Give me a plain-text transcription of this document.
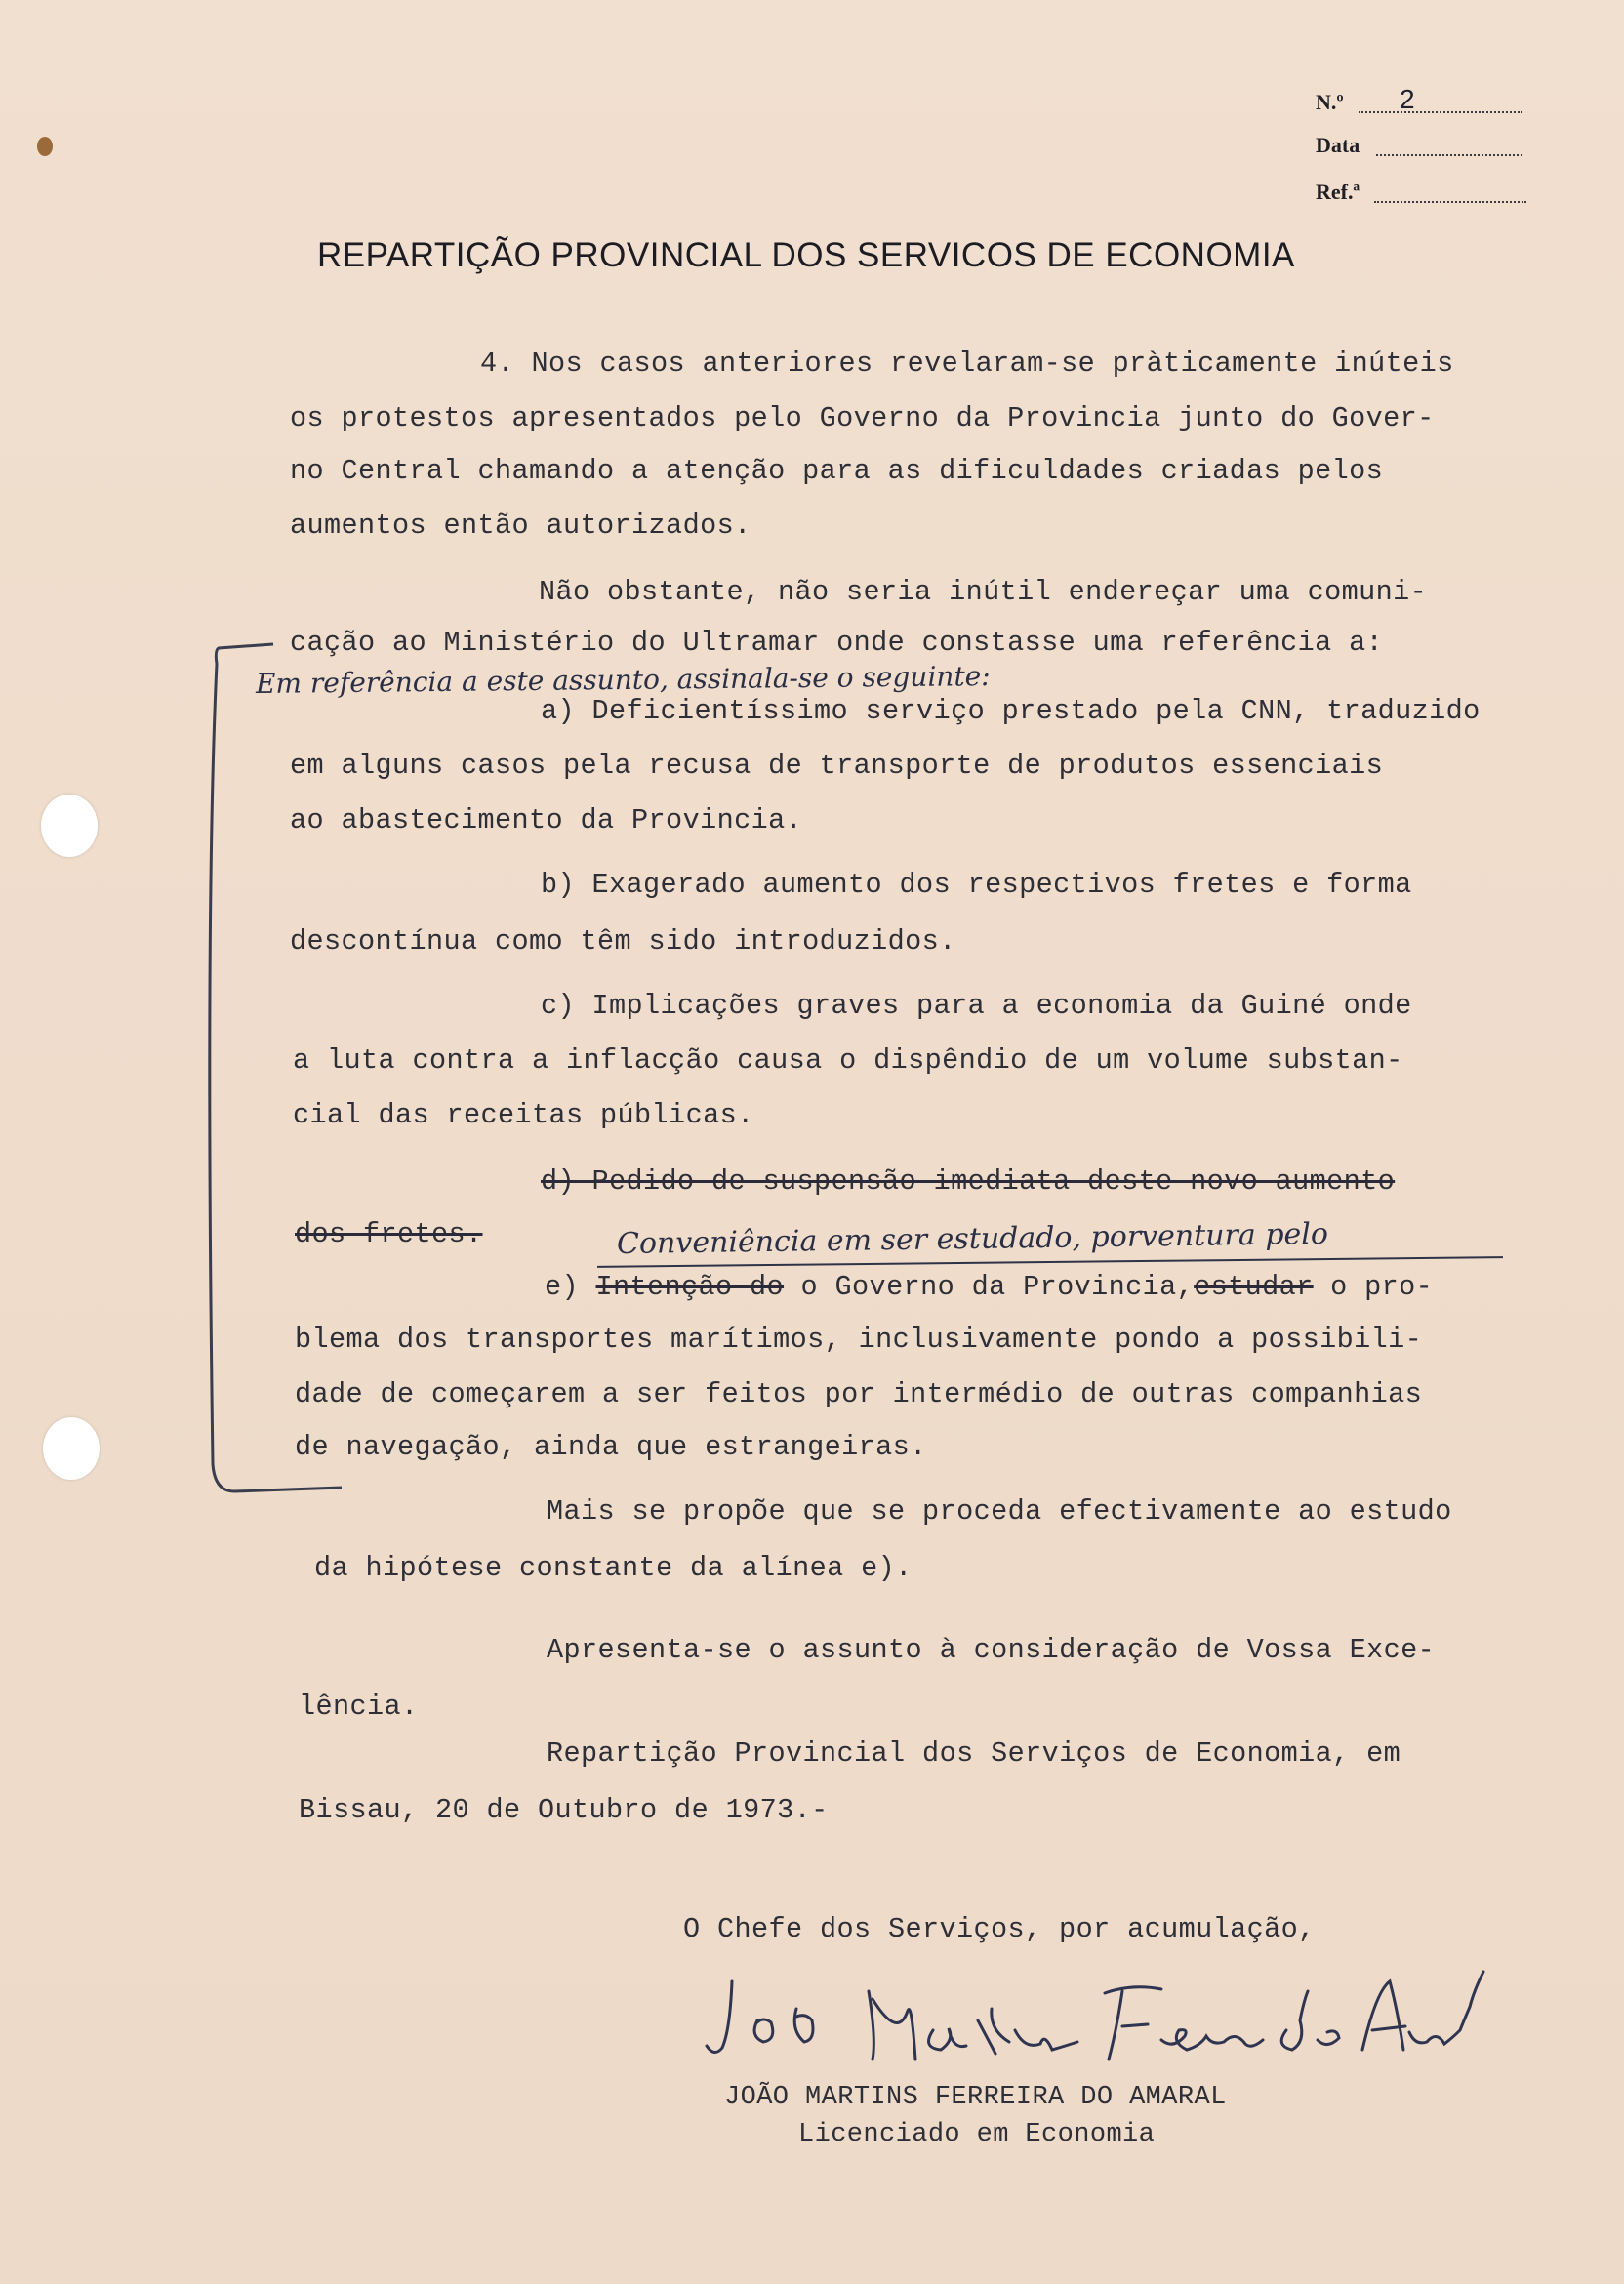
N.º 2
Data
Ref.ª
REPARTIÇÃO PROVINCIAL DOS SERVICOS DE ECONOMIA
4. Nos casos anteriores revelaram-se pràticamente inúteis
os protestos apresentados pelo Governo da Provincia junto do Gover-
no Central chamando a atenção para as dificuldades criadas pelos
aumentos então autorizados.
Não obstante, não seria inútil endereçar uma comuni-
cação ao Ministério do Ultramar onde constasse uma referência a:
Em referência a este assunto, assinala-se o seguinte:
a) Deficientíssimo serviço prestado pela CNN, traduzido
em alguns casos pela recusa de transporte de produtos essenciais
ao abastecimento da Provincia.
b) Exagerado aumento dos respectivos fretes e forma
descontínua como têm sido introduzidos.
c) Implicações graves para a economia da Guiné onde
a luta contra a inflacção causa o dispêndio de um volume substan-
cial das receitas públicas.
d) Pedido de suspensão imediata deste novo aumento
dos fretes.	Conveniência em ser estudado, porventura pelo
e) Intenção do o Governo da Provincia,estudar o pro-
blema dos transportes marítimos, inclusivamente pondo a possibili-
dade de começarem a ser feitos por intermédio de outras companhias
de navegação, ainda que estrangeiras.
Mais se propõe que se proceda efectivamente ao estudo
da hipótese constante da alínea e).
Apresenta-se o assunto à consideração de Vossa Exce-
lência.
Repartição Provincial dos Serviços de Economia, em
Bissau, 20 de Outubro de 1973.-
O Chefe dos Serviços, por acumulação,
JOÃO MARTINS FERREIRA DO AMARAL
Licenciado em Economia
